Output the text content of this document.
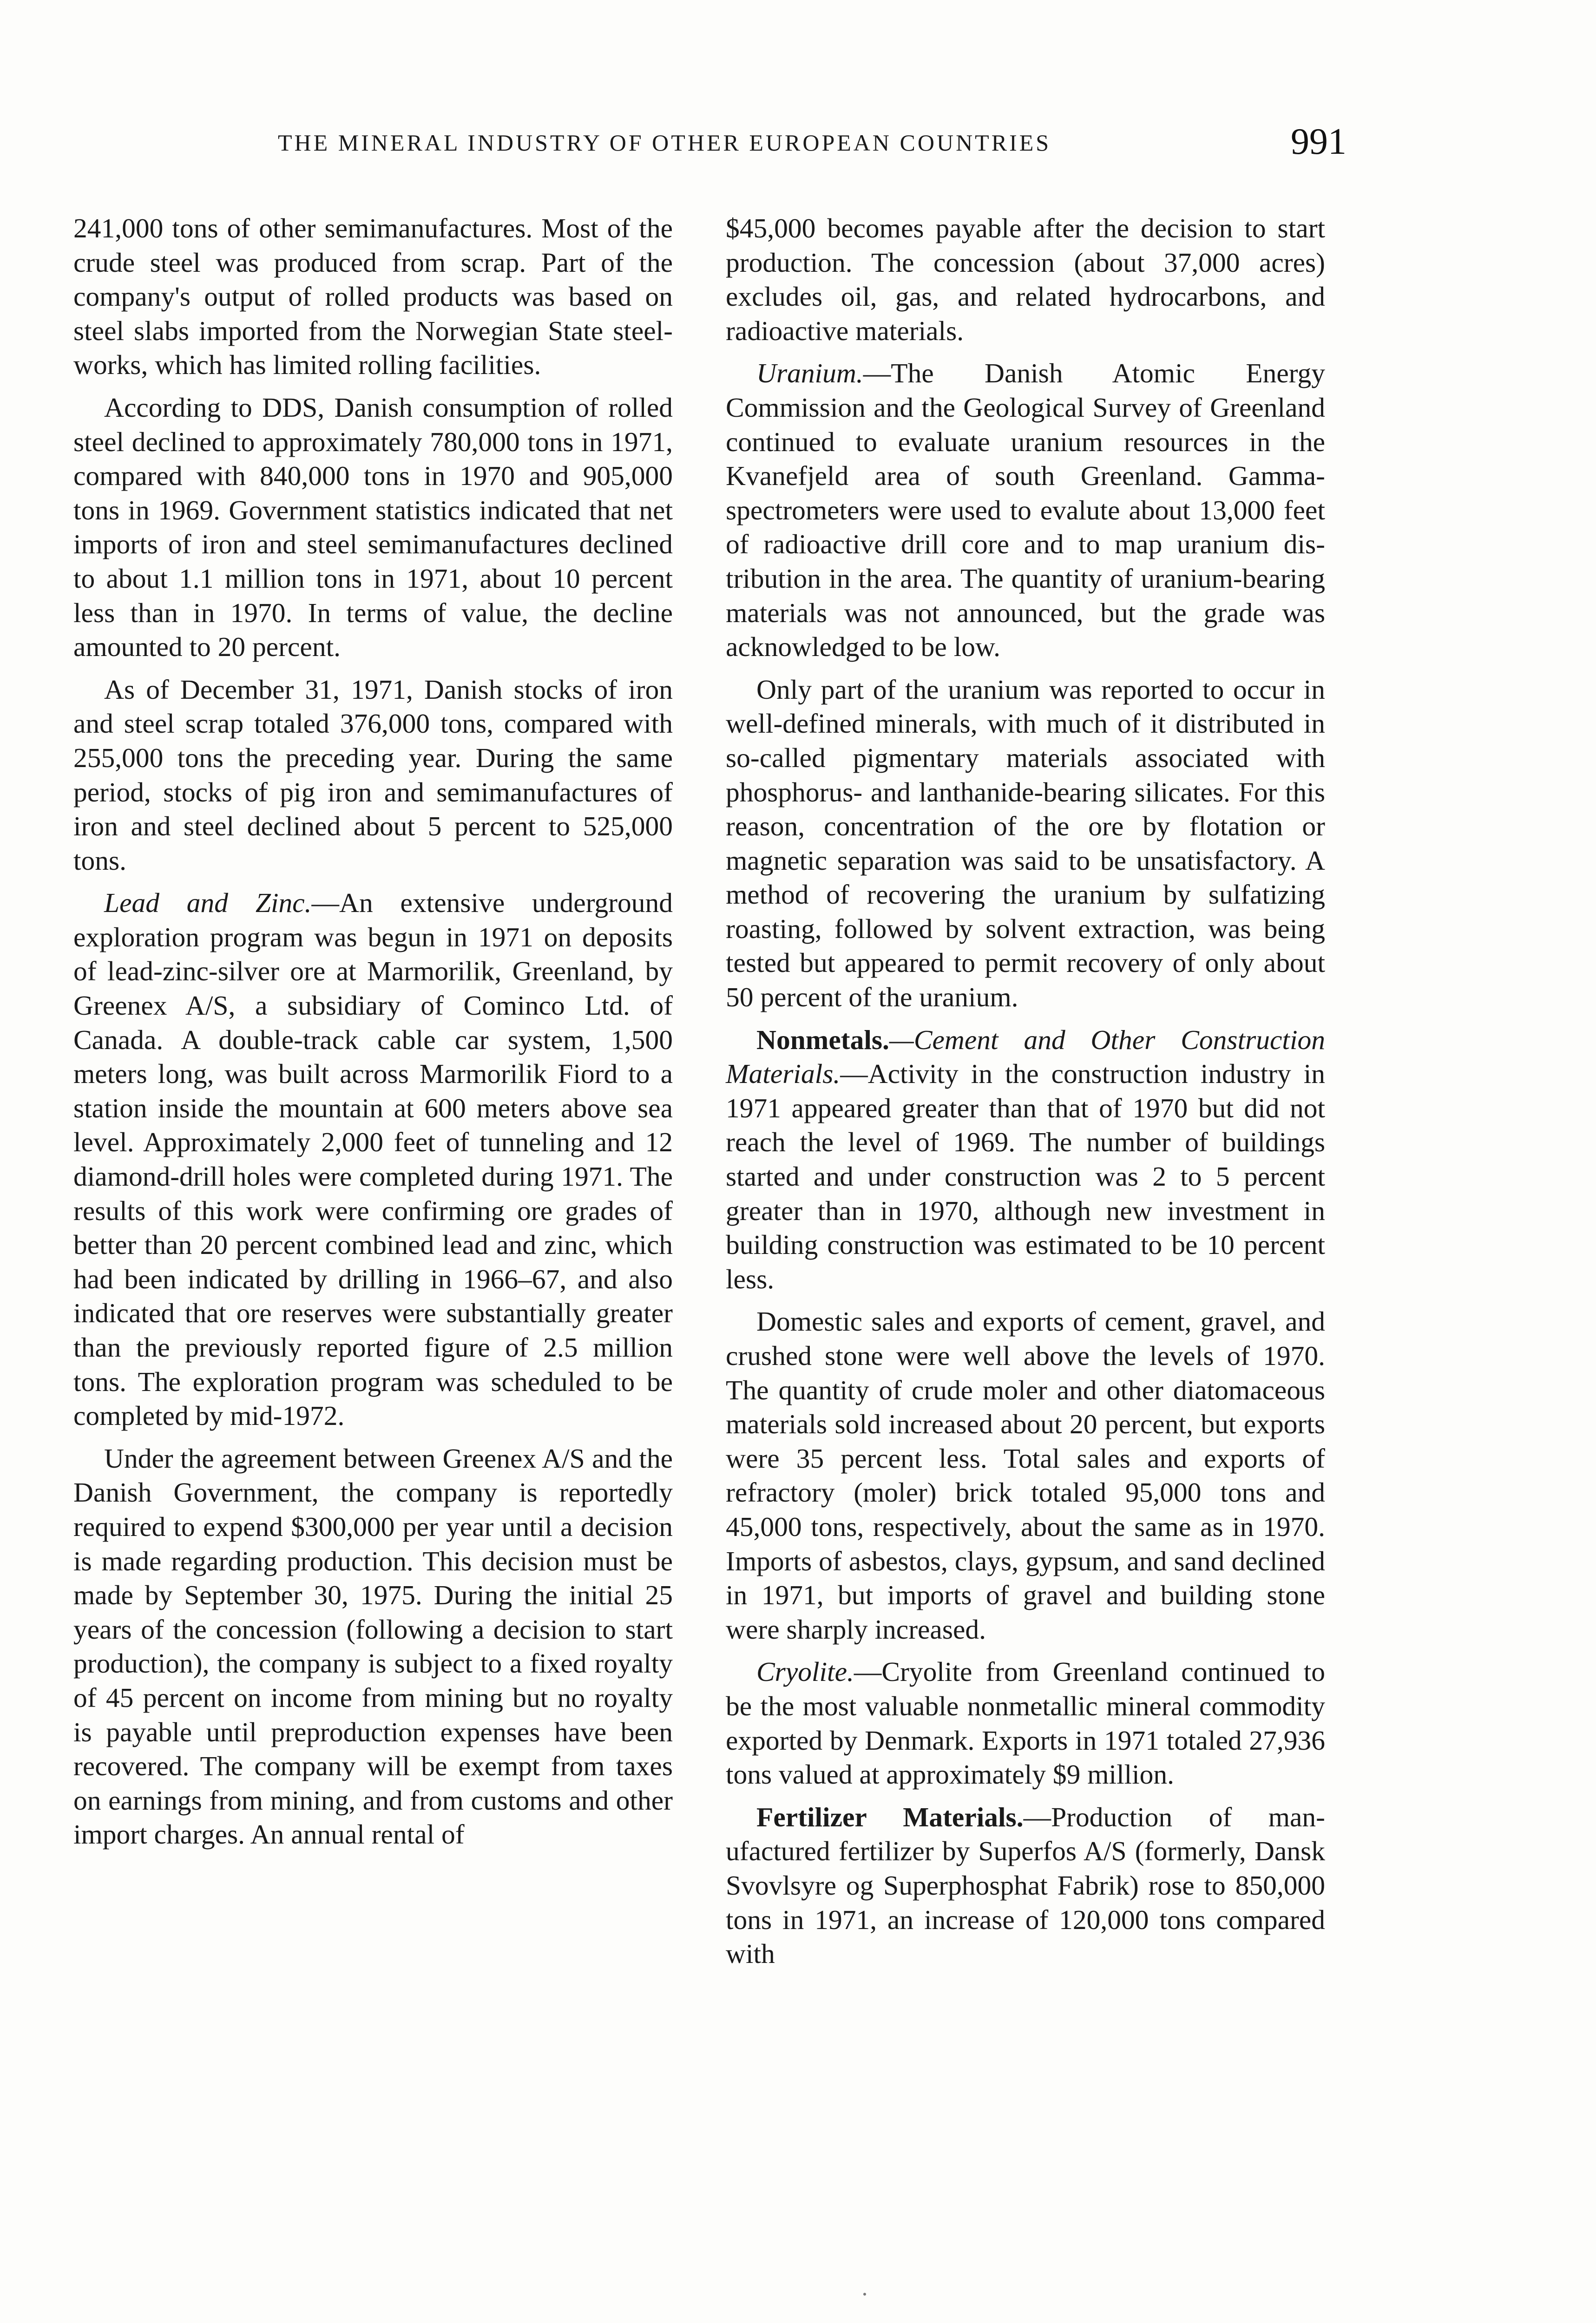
THE MINERAL INDUSTRY OF OTHER EUROPEAN COUNTRIES	991

241,000 tons of other semimanufactures. Most of the crude steel was produced from scrap. Part of the company's output of rolled products was based on steel slabs imported from the Norwegian State steelworks, which has limited rolling facilities.

According to DDS, Danish consumption of rolled steel declined to approximately 780,000 tons in 1971, compared with 840,000 tons in 1970 and 905,000 tons in 1969. Government statistics indicated that net imports of iron and steel semimanufactures declined to about 1.1 million tons in 1971, about 10 percent less than in 1970. In terms of value, the decline amounted to 20 percent.

As of December 31, 1971, Danish stocks of iron and steel scrap totaled 376,000 tons, compared with 255,000 tons the preceding year. During the same period, stocks of pig iron and semimanufactures of iron and steel declined about 5 percent to 525,000 tons.

Lead and Zinc.—An extensive underground exploration program was begun in 1971 on deposits of lead-zinc-silver ore at Marmorilik, Greenland, by Greenex A/S, a subsidiary of Cominco Ltd. of Canada. A double-track cable car system, 1,500 meters long, was built across Marmorilik Fiord to a station inside the mountain at 600 meters above sea level. Approximately 2,000 feet of tunneling and 12 diamond-drill holes were completed during 1971. The results of this work were confirming ore grades of better than 20 percent combined lead and zinc, which had been indicated by drilling in 1966–67, and also indicated that ore reserves were substantially greater than the previously reported figure of 2.5 million tons. The exploration program was scheduled to be completed by mid-1972.

Under the agreement between Greenex A/S and the Danish Government, the company is reportedly required to expend $300,000 per year until a decision is made regarding production. This decision must be made by September 30, 1975. During the initial 25 years of the concession (following a decision to start production), the company is subject to a fixed royalty of 45 percent on income from mining but no royalty is payable until preproduction expenses have been recovered. The company will be exempt from taxes on earnings from mining, and from customs and other import charges. An annual rental of

$45,000 becomes payable after the decision to start production. The concession (about 37,000 acres) excludes oil, gas, and related hydrocarbons, and radioactive materials.

Uranium.—The Danish Atomic Energy Commission and the Geological Survey of Greenland continued to evaluate uranium resources in the Kvanefjeld area of south Greenland. Gamma-spectrometers were used to evalute about 13,000 feet of radioactive drill core and to map uranium distribution in the area. The quantity of uranium-bearing materials was not announced, but the grade was acknowledged to be low.

Only part of the uranium was reported to occur in well-defined minerals, with much of it distributed in so-called pigmentary materials associated with phosphorus- and lanthanide-bearing silicates. For this reason, concentration of the ore by flotation or magnetic separation was said to be unsatisfactory. A method of recovering the uranium by sulfatizing roasting, followed by solvent extraction, was being tested but appeared to permit recovery of only about 50 percent of the uranium.

Nonmetals.—Cement and Other Construction Materials.—Activity in the construction industry in 1971 appeared greater than that of 1970 but did not reach the level of 1969. The number of buildings started and under construction was 2 to 5 percent greater than in 1970, although new investment in building construction was estimated to be 10 percent less.

Domestic sales and exports of cement, gravel, and crushed stone were well above the levels of 1970. The quantity of crude moler and other diatomaceous materials sold increased about 20 percent, but exports were 35 percent less. Total sales and exports of refractory (moler) brick totaled 95,000 tons and 45,000 tons, respectively, about the same as in 1970. Imports of asbestos, clays, gypsum, and sand declined in 1971, but imports of gravel and building stone were sharply increased.

Cryolite.—Cryolite from Greenland continued to be the most valuable nonmetallic mineral commodity exported by Denmark. Exports in 1971 totaled 27,936 tons valued at approximately $9 million.

Fertilizer Materials.—Production of manufactured fertilizer by Superfos A/S (formerly, Dansk Svovlsyre og Superphosphat Fabrik) rose to 850,000 tons in 1971, an increase of 120,000 tons compared with
